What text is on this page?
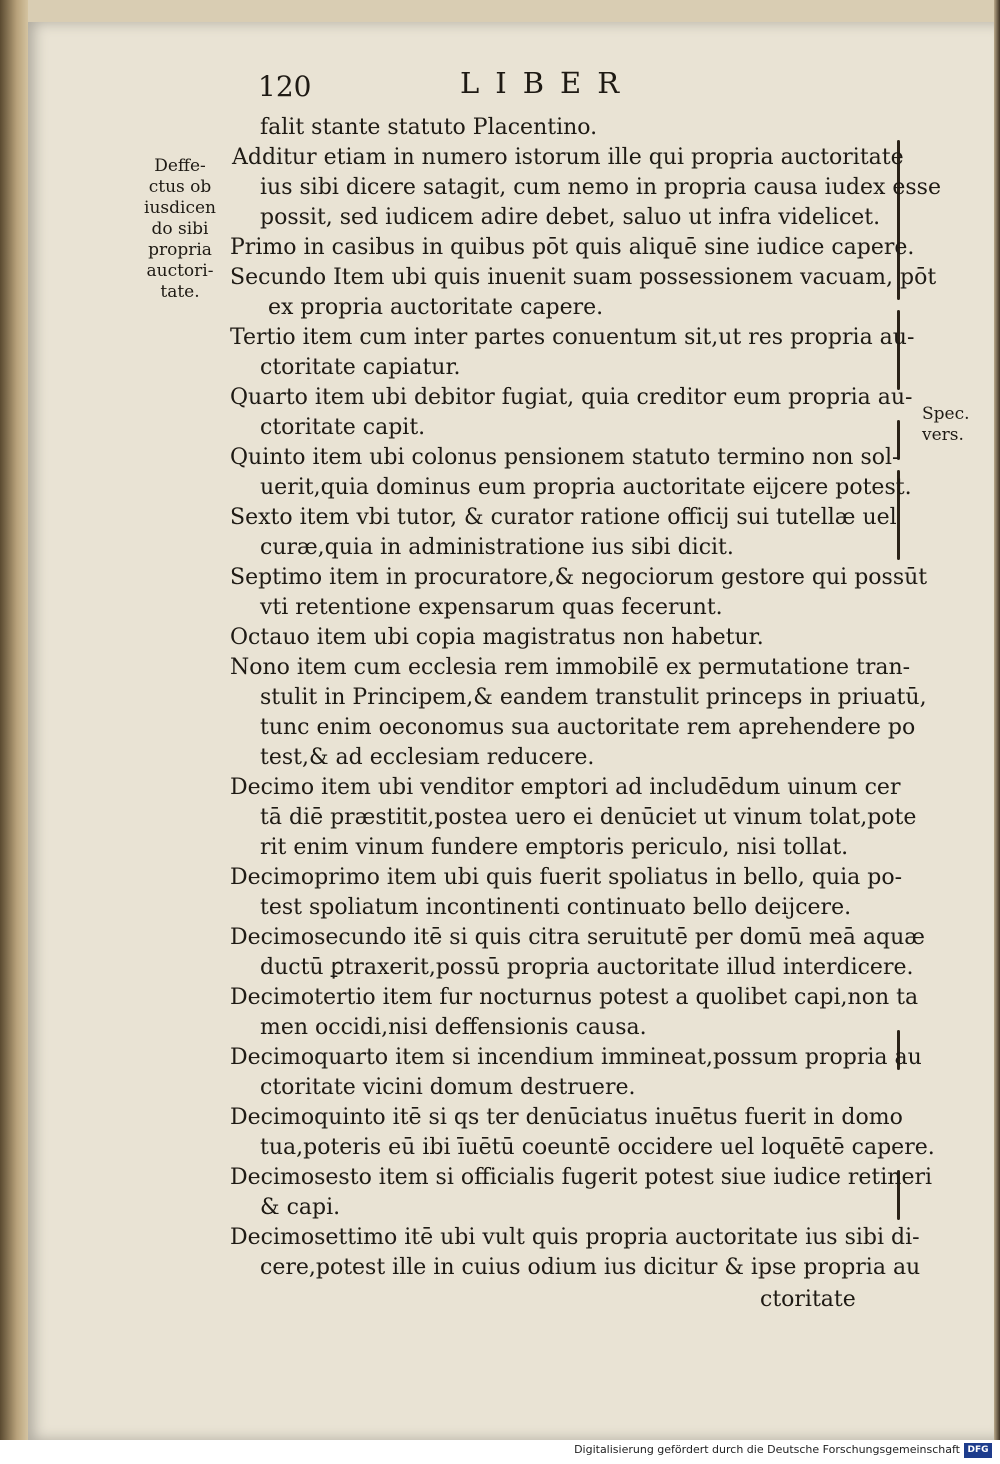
120	LIBER
Deffe-
ctus ob
iusdicen
do sibi
propria
auctori-
tate.
Spec.
vers.
falit stante statuto Placentino.
Additur etiam in numero istorum ille qui propria auctoritate
ius sibi dicere satagit, cum nemo in propria causa iudex esse
possit, sed iudicem adire debet, saluo ut infra videlicet.
Primo in casibus in quibus pōt quis aliquē sine iudice capere.
Secundo Item ubi quis inuenit suam possessionem vacuam, pōt
ex propria auctoritate capere.
Tertio item cum inter partes conuentum sit,ut res propria au-
ctoritate capiatur.
Quarto item ubi debitor fugiat, quia creditor eum propria au-
ctoritate capit.
Quinto item ubi colonus pensionem statuto termino non sol-
uerit,quia dominus eum propria auctoritate eijcere potest.
Sexto item vbi tutor, & curator ratione officij sui tutellæ uel
curæ,quia in administratione ius sibi dicit.
Septimo item in procuratore,& negociorum gestore qui possūt
vti retentione expensarum quas fecerunt.
Octauo item ubi copia magistratus non habetur.
Nono item cum ecclesia rem immobilē ex permutatione tran-
stulit in Principem,& eandem transtulit princeps in priuatū,
tunc enim oeconomus sua auctoritate rem aprehendere po
test,& ad ecclesiam reducere.
Decimo item ubi venditor emptori ad includēdum uinum cer
tā diē præstitit,postea uero ei denūciet ut vinum tolat,pote
rit enim vinum fundere emptoris periculo, nisi tollat.
Decimoprimo item ubi quis fuerit spoliatus in bello, quia po-
test spoliatum incontinenti continuato bello deijcere.
Decimosecundo itē si quis citra seruitutē per domū meā aquæ
ductū ꝑtraxerit,possū propria auctoritate illud interdicere.
Decimotertio item fur nocturnus potest a quolibet capi,non ta
men occidi,nisi deffensionis causa.
Decimoquarto item si incendium immineat,possum propria au
ctoritate vicini domum destruere.
Decimoquinto itē si qs ter denūciatus inuētus fuerit in domo
tua,poteris eū ibi īuētū coeuntē occidere uel loquētē capere.
Decimosesto item si officialis fugerit potest siue iudice retineri
& capi.
Decimosettimo itē ubi vult quis propria auctoritate ius sibi di-
cere,potest ille in cuius odium ius dicitur & ipse propria au
ctoritate
Digitalisierung gefördert durch die Deutsche Forschungsgemeinschaft DFG
